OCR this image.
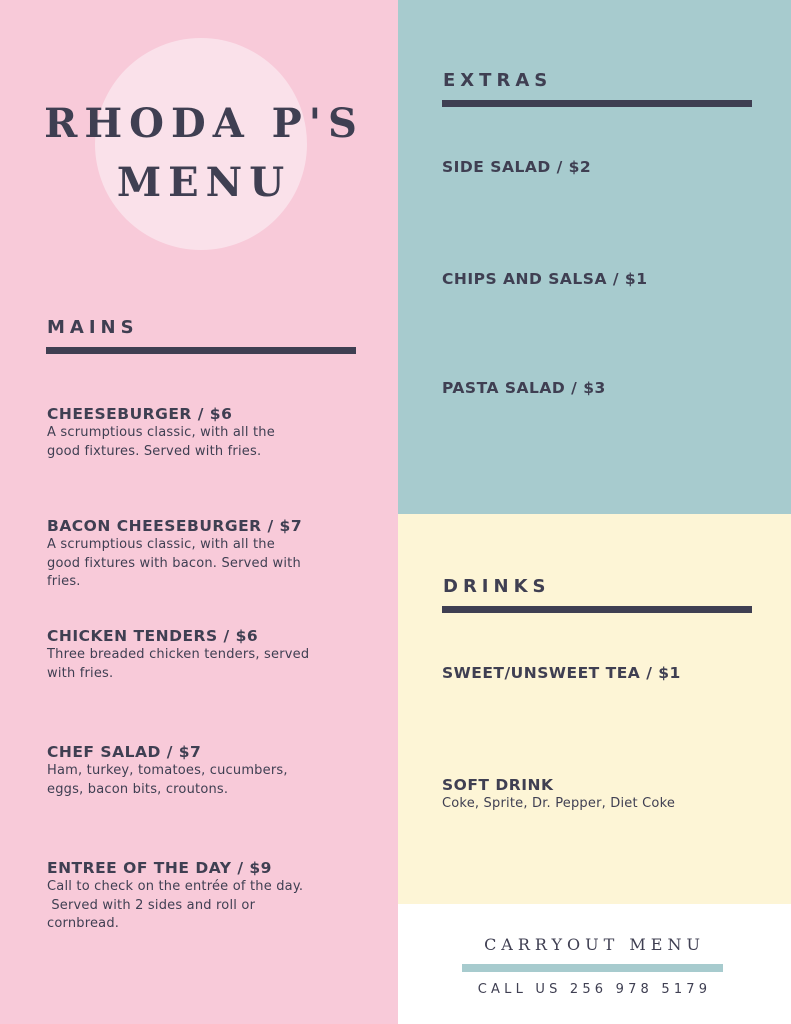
RHODA P'S
MENU
MAINS
CHEESEBURGER / $6
A scrumptious classic, with all the
good fixtures. Served with fries.
BACON CHEESEBURGER / $7
A scrumptious classic, with all the
good fixtures with bacon. Served with
fries.
CHICKEN TENDERS / $6
Three breaded chicken tenders, served
with fries.
CHEF SALAD / $7
Ham, turkey, tomatoes, cucumbers,
eggs, bacon bits, croutons.
ENTREE OF THE DAY / $9
Call to check on the entrée of the day.
Served with 2 sides and roll or
cornbread.
EXTRAS
SIDE SALAD / $2
CHIPS AND SALSA / $1
PASTA SALAD / $3
DRINKS
SWEET/UNSWEET TEA / $1
SOFT DRINK
Coke, Sprite, Dr. Pepper, Diet Coke
CARRYOUT MENU
CALL US 256 978 5179
